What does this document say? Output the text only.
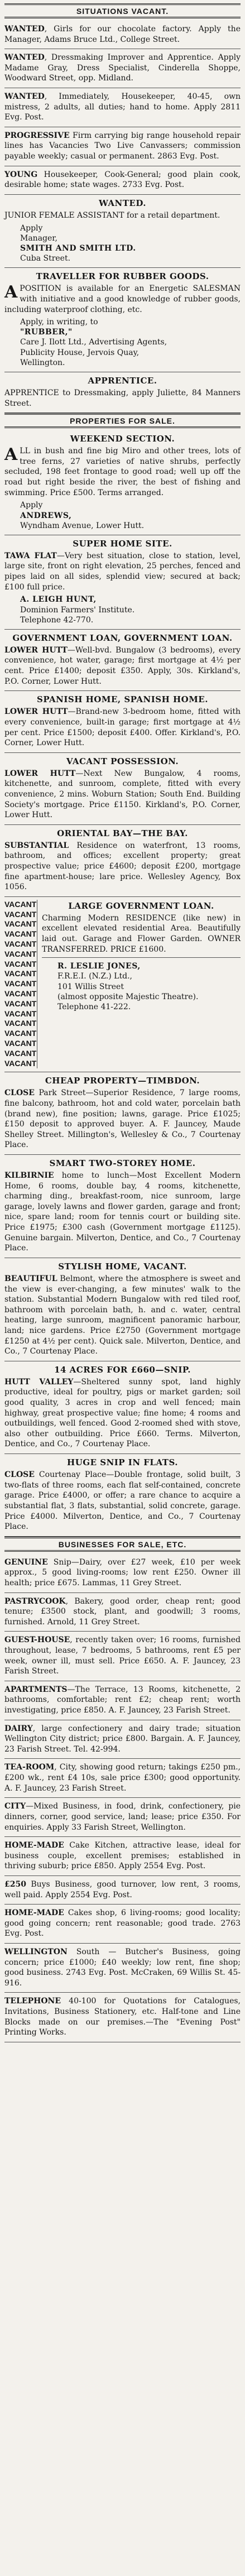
SITUATIONS VACANT.

WANTED, Girls for our chocolate factory. Apply the Manager, Adams Bruce Ltd., College Street.

WANTED, Dressmaking Improver and Apprentice. Apply Madame Gray, Dress Specialist, Cinderella Shoppe, Woodward Street, opp. Midland.

WANTED, Immediately, Housekeeper, 40-45, own mistress, 2 adults, all duties; hand to home. Apply 2811 Evg. Post.

PROGRESSIVE Firm carrying big range household repair lines has Vacancies Two Live Canvassers; commission payable weekly; casual or permanent. 2863 Evg. Post.

YOUNG Housekeeper, Cook-General; good plain cook, desirable home; state wages. 2733 Evg. Post.

WANTED.

JUNIOR FEMALE ASSISTANT for a retail department.

Apply
Manager,
SMITH AND SMITH LTD.
Cuba Street.
TRAVELLER FOR RUBBER GOODS.

A POSITION is available for an Energetic SALESMAN with initiative and a good knowledge of rubber goods, including waterproof clothing, etc.

Apply, in writing, to
"RUBBER,"
Care J. Ilott Ltd., Advertising Agents,
Publicity House, Jervois Quay,
Wellington.
APPRENTICE.

APPRENTICE to Dressmaking, apply Juliette, 84 Manners Street.

PROPERTIES FOR SALE.
WEEKEND SECTION.

ALL in bush and fine big Miro and other trees, lots of tree ferns, 27 varieties of native shrubs, perfectly secluded, 198 feet frontage to good road; well up off the road but right beside the river, the best of fishing and swimming. Price £500. Terms arranged.

Apply
ANDREWS,
Wyndham Avenue, Lower Hutt.
SUPER HOME SITE.

TAWA FLAT—Very best situation, close to station, level, large site, front on right elevation, 25 perches, fenced and pipes laid on all sides, splendid view; secured at back; £100 full price.

A. LEIGH HUNT,
Dominion Farmers' Institute.
Telephone 42-770.
GOVERNMENT LOAN, GOVERNMENT LOAN.

LOWER HUTT—Well-bvd. Bungalow (3 bedrooms), every convenience, hot water, garage; first mortgage at 4½ per cent. Price £1400; deposit £350. Apply, 30s. Kirkland's, P.O. Corner, Lower Hutt.

SPANISH HOME, SPANISH HOME.

LOWER HUTT—Brand-new 3-bedroom home, fitted with every convenience, built-in garage; first mortgage at 4½ per cent. Price £1500; deposit £400. Offer. Kirkland's, P.O. Corner, Lower Hutt.

VACANT POSSESSION.

LOWER HUTT—Next New Bungalow, 4 rooms, kitchenette, and sunroom, complete, fitted with every convenience, 2 mins. Woburn Station; South End. Building Society's mortgage. Price £1150. Kirkland's, P.O. Corner, Lower Hutt.

ORIENTAL BAY—THE BAY.

SUBSTANTIAL Residence on waterfront, 13 rooms, bathroom, and offices; excellent property; great prospective value; price £4600; deposit £200, mortgage fine apartment-house; lare price. Wellesley Agency, Box 1056.

VACANT
VACANT
VACANT
VACANT
VACANT
VACANT
VACANT
VACANT
VACANT
VACANT
VACANT
VACANT
VACANT
VACANT
VACANT
VACANT
VACANT
LARGE GOVERNMENT LOAN.

Charming Modern RESIDENCE (like new) in excellent elevated residential Area. Beautifully laid out. Garage and Flower Garden. OWNER TRANSFERRED. PRICE £1600.

R. LESLIE JONES,
F.R.E.I. (N.Z.) Ltd.,
101 Willis Street
(almost opposite Majestic Theatre).
Telephone 41-222.
CHEAP PROPERTY—TIMBDON.

CLOSE Park Street—Superior Residence, 7 large rooms, fine balcony, bathroom, hot and cold water, porcelain bath (brand new), fine position; lawns, garage. Price £1025; £150 deposit to approved buyer. A. F. Jauncey, Maude Shelley Street. Millington's, Wellesley & Co., 7 Courtenay Place.

SMART TWO-STOREY HOME.

KILBIRNIE home to lunch—Most Excellent Modern Home, 6 rooms, double bay, 4 rooms, kitchenette, charming ding., breakfast-room, nice sunroom, large garage, lovely lawns and flower garden, garage and front; nice, spare land; room for tennis court or building site. Price £1975; £300 cash (Government mortgage £1125). Genuine bargain. Milverton, Dentice, and Co., 7 Courtenay Place.

STYLISH HOME, VACANT.

BEAUTIFUL Belmont, where the atmosphere is sweet and the view is ever-changing, a few minutes' walk to the station. Substantial Modern Bungalow with red tiled roof, bathroom with porcelain bath, h. and c. water, central heating, large sunroom, magnificent panoramic harbour, land; nice gardens. Price £2750 (Government mortgage £1250 at 4½ per cent). Quick sale. Milverton, Dentice, and Co., 7 Courtenay Place.

14 ACRES FOR £660—SNIP.

HUTT VALLEY—Sheltered sunny spot, land highly productive, ideal for poultry, pigs or market garden; soil good quality, 3 acres in crop and well fenced; main highway, great prospective value; fine home; 4 rooms and outbuildings, well fenced. Good 2-roomed shed with stove, also other outbuilding. Price £660. Terms. Milverton, Dentice, and Co., 7 Courtenay Place.

HUGE SNIP IN FLATS.

CLOSE Courtenay Place—Double frontage, solid built, 3 two-flats of three rooms, each flat self-contained, concrete garage. Price £4000, or offer; a rare chance to acquire a substantial flat, 3 flats, substantial, solid concrete, garage. Price £4000. Milverton, Dentice, and Co., 7 Courtenay Place.

BUSINESSES FOR SALE, ETC.

GENUINE Snip—Dairy, over £27 week, £10 per week approx., 5 good living-rooms; low rent £250. Owner ill health; price £675. Lammas, 11 Grey Street.

PASTRYCOOK, Bakery, good order, cheap rent; good tenure; £3500 stock, plant, and goodwill; 3 rooms, furnished. Arnold, 11 Grey Street.

GUEST-HOUSE, recently taken over; 16 rooms, furnished throughout, lease, 7 bedrooms, 5 bathrooms, rent £5 per week, owner ill, must sell. Price £650. A. F. Jauncey, 23 Farish Street.

APARTMENTS—The Terrace, 13 Rooms, kitchenette, 2 bathrooms, comfortable; rent £2; cheap rent; worth investigating, price £850. A. F. Jauncey, 23 Farish Street.

DAIRY, large confectionery and dairy trade; situation Wellington City district; price £800. Bargain. A. F. Jauncey, 23 Farish Street. Tel. 42-994.

TEA-ROOM, City, showing good return; takings £250 pm., £200 wk., rent £4 10s, sale price £300; good opportunity. A. F. Jauncey, 23 Farish Street.

CITY—Mixed Business, in food, drink, confectionery, pie dinners, corner, good service, land; lease; price £350. For enquiries. Apply 33 Farish Street, Wellington.

HOME-MADE Cake Kitchen, attractive lease, ideal for business couple, excellent premises; established in thriving suburb; price £850. Apply 2554 Evg. Post.

£250 Buys Business, good turnover, low rent, 3 rooms, well paid. Apply 2554 Evg. Post.

HOME-MADE Cakes shop, 6 living-rooms; good locality; good going concern; rent reasonable; good trade. 2763 Evg. Post.

WELLINGTON South — Butcher's Business, going concern; price £1000; £40 weekly; low rent, fine shop; good business. 2743 Evg. Post. McCraken, 69 Willis St. 45-916.

TELEPHONE 40-100 for Quotations for Catalogues, Invitations, Business Stationery, etc. Half-tone and Line Blocks made on our premises.—The "Evening Post" Printing Works.
